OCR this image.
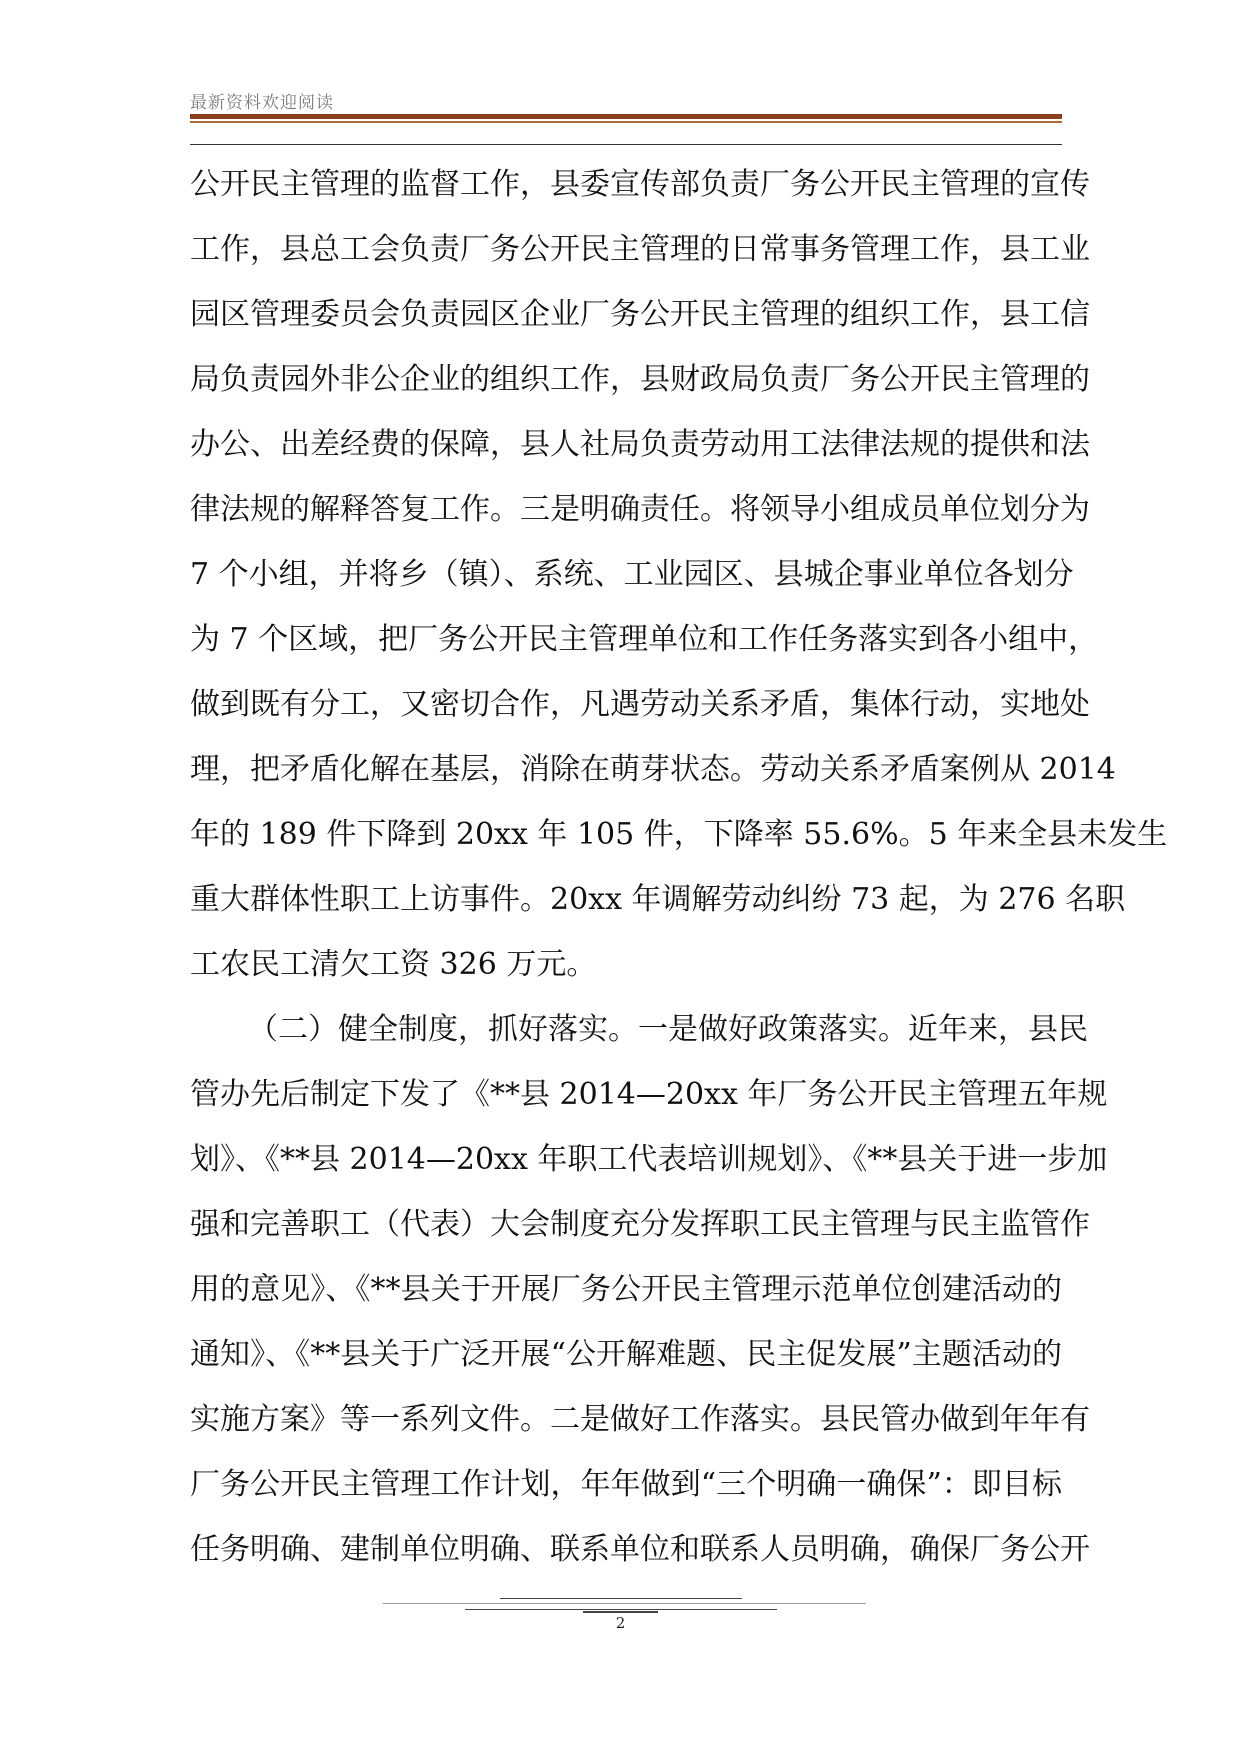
最新资料欢迎阅读
公开民主管理的监督工作，县委宣传部负责厂务公开民主管理的宣传
工作，县总工会负责厂务公开民主管理的日常事务管理工作，县工业
园区管理委员会负责园区企业厂务公开民主管理的组织工作，县工信
局负责园外非公企业的组织工作，县财政局负责厂务公开民主管理的
办公、出差经费的保障，县人社局负责劳动用工法律法规的提供和法
律法规的解释答复工作。三是明确责任。将领导小组成员单位划分为
7 个小组，并将乡（镇）、系统、工业园区、县城企事业单位各划分
为 7 个区域，把厂务公开民主管理单位和工作任务落实到各小组中，
做到既有分工，又密切合作，凡遇劳动关系矛盾，集体行动，实地处
理，把矛盾化解在基层，消除在萌芽状态。劳动关系矛盾案例从 2014
年的 189 件下降到 20xx 年 105 件，下降率 55.6%。5 年来全县未发生
重大群体性职工上访事件。20xx 年调解劳动纠纷 73 起，为 276 名职
工农民工清欠工资 326 万元。
（二）健全制度，抓好落实。一是做好政策落实。近年来，县民
管办先后制定下发了《**县 2014—20xx 年厂务公开民主管理五年规
划》、《**县 2014—20xx 年职工代表培训规划》、《**县关于进一步加
强和完善职工（代表）大会制度充分发挥职工民主管理与民主监管作
用的意见》、《**县关于开展厂务公开民主管理示范单位创建活动的
通知》、《**县关于广泛开展“公开解难题、民主促发展”主题活动的
实施方案》等一系列文件。二是做好工作落实。县民管办做到年年有
厂务公开民主管理工作计划，年年做到“三个明确一确保”：即目标
任务明确、建制单位明确、联系单位和联系人员明确，确保厂务公开
2
